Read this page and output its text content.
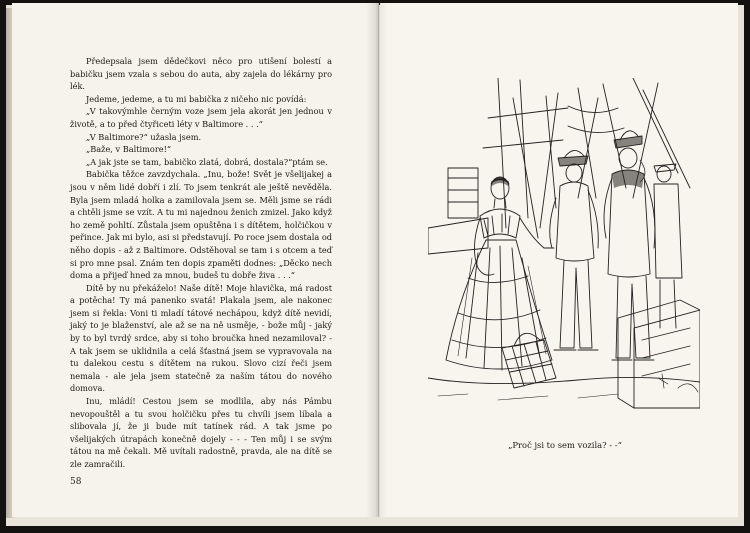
Předepsala jsem dědečkovi něco pro utišení bolestí a babičku jsem vzala s sebou do auta, aby zajela do lékárny pro lék.

Jedeme, jedeme, a tu mi babička z ničeho nic povídá:

„V takovýmhle černým voze jsem jela akorát jen jednou v životě, a to před čtyřiceti léty v Baltimore . . .“

„V Baltimore?“ užasla jsem.

„Baže, v Baltimore!“

„A jak jste se tam, babičko zlatá, dobrá, dostala?“ptám se.

Babička těžce zavzdychala. „Inu, bože! Svět je všelijakej a jsou v něm lidé dobří i zlí. To jsem tenkrát ale ještě nevěděla. Byla jsem mladá holka a zamilovala jsem se. Měli jsme se rádi a chtěli jsme se vzít. A tu mi najednou ženich zmizel. Jako když ho země pohltí. Zůstala jsem opuštěna i s dítětem, holčičkou v peřince. Jak mi bylo, asi si představují. Po roce jsem dostala od něho dopis - až z Baltimore. Odstěhoval se tam i s otcem a teď si pro mne psal. Znám ten dopis zpaměti dodnes: „Děcko nech doma a přijeď hned za mnou, budeš tu dobře živa . . .“

Dítě by nu překáželo! Naše dítě! Moje hlavička, má radost a potěcha! Ty má panenko svatá! Plakala jsem, ale nakonec jsem si řekla: Voni ti mladí tátové nechápou, když dítě nevidí, jaký to je blaženství, ale až se na ně usměje, - bože můj - jaký by to byl tvrdý srdce, aby si toho broučka hned nezamiloval? - A tak jsem se uklidnila a celá šťastná jsem se vypravovala na tu dalekou cestu s dítětem na rukou. Slovo cizí řeči jsem nemala - ale jela jsem statečně za naším tátou do nového domova.

Inu, mládí! Cestou jsem se modlila, aby nás Pámbu nevopouštěl a tu svou holčičku přes tu chvíli jsem líbala a slibovala jí, že ji bude mít tatínek rád. A tak jsme po všelijakých útrapách konečně dojely - - - Ten můj i se svým tátou na mě čekali. Mě uvítali radostně, pravda, ale na dítě se zle zamračili.

58
„Proč jsi to sem vozila? - -“
